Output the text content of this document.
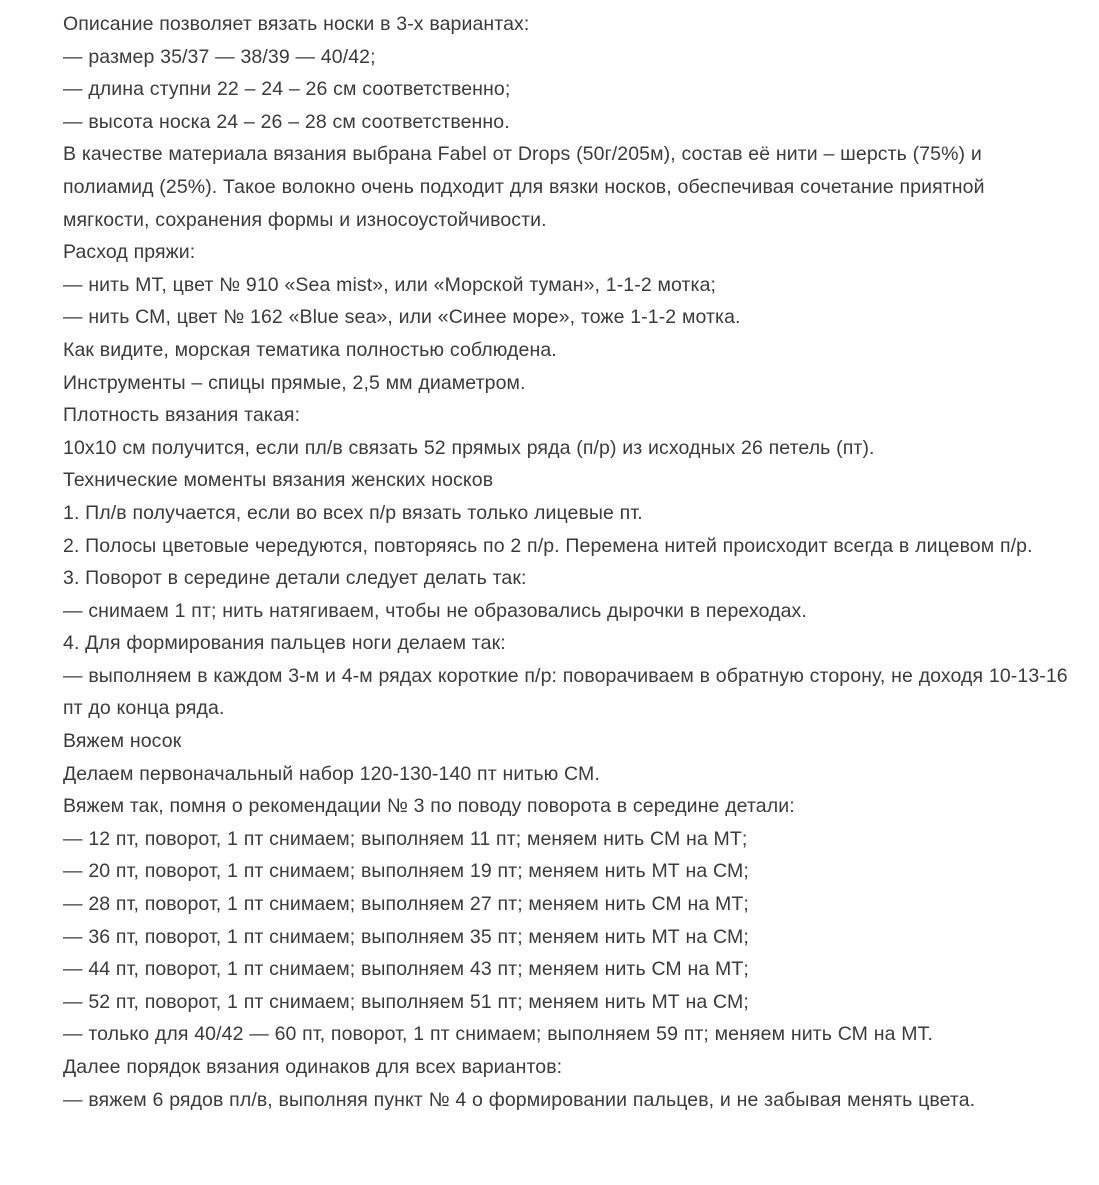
Описание позволяет вязать носки в 3-х вариантах:

— размер 35/37 — 38/39 — 40/42;

— длина ступни 22 – 24 – 26 см соответственно;

— высота носка 24 – 26 – 28 см соответственно.

В качестве материала вязания выбрана Fabel от Drops (50г/205м), состав её нити – шерсть (75%) и полиамид (25%). Такое волокно очень подходит для вязки носков, обеспечивая сочетание приятной мягкости, сохранения формы и износоустойчивости.

Расход пряжи:

— нить МТ, цвет № 910 «Sea mist», или «Морской туман», 1-1-2 мотка;

— нить СМ, цвет № 162 «Blue sea», или «Синее море», тоже 1-1-2 мотка.

Как видите, морская тематика полностью соблюдена.

Инструменты – спицы прямые, 2,5 мм диаметром.

Плотность вязания такая:

10х10 см получится, если пл/в связать 52 прямых ряда (п/р) из исходных 26 петель (пт).

Технические моменты вязания женских носков

1. Пл/в получается, если во всех п/р вязать только лицевые пт.

2. Полосы цветовые чередуются, повторяясь по 2 п/р. Перемена нитей происходит всегда в лицевом п/р.

3. Поворот в середине детали следует делать так:

— снимаем 1 пт; нить натягиваем, чтобы не образовались дырочки в переходах.

4. Для формирования пальцев ноги делаем так:

— выполняем в каждом 3-м и 4-м рядах короткие п/р: поворачиваем в обратную сторону, не доходя 10-13-16 пт до конца ряда.

Вяжем носок

Делаем первоначальный набор 120-130-140 пт нитью СМ.

Вяжем так, помня о рекомендации № 3 по поводу поворота в середине детали:

— 12 пт, поворот, 1 пт снимаем; выполняем 11 пт; меняем нить СМ на МТ;

— 20 пт, поворот, 1 пт снимаем; выполняем 19 пт; меняем нить МТ на СМ;

— 28 пт, поворот, 1 пт снимаем; выполняем 27 пт; меняем нить СМ на МТ;

— 36 пт, поворот, 1 пт снимаем; выполняем 35 пт; меняем нить МТ на СМ;

— 44 пт, поворот, 1 пт снимаем; выполняем 43 пт; меняем нить СМ на МТ;

— 52 пт, поворот, 1 пт снимаем; выполняем 51 пт; меняем нить МТ на СМ;

— только для 40/42 — 60 пт, поворот, 1 пт снимаем; выполняем 59 пт; меняем нить СМ на МТ.

Далее порядок вязания одинаков для всех вариантов:

— вяжем 6 рядов пл/в, выполняя пункт № 4 о формировании пальцев, и не забывая менять цвета.
